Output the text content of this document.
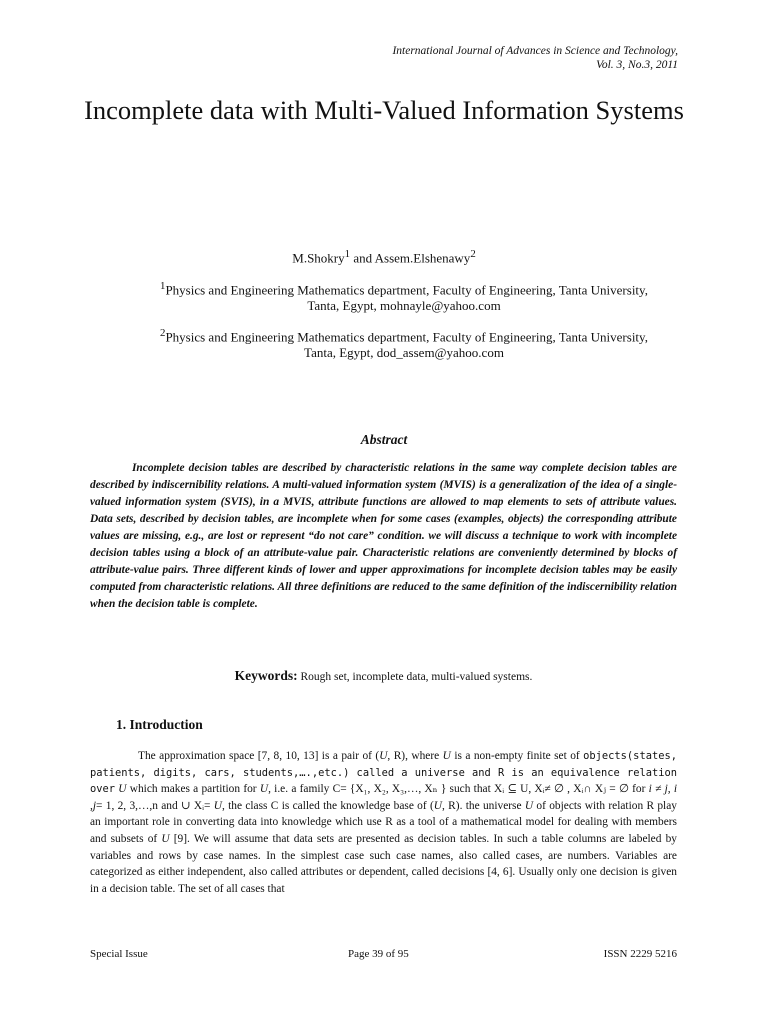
International Journal of Advances in Science and Technology,
Vol. 3, No.3, 2011
Incomplete data with Multi-Valued Information Systems
M.Shokry$^1$ and Assem.Elshenawy$^2$
$^1$Physics and Engineering Mathematics department, Faculty of Engineering, Tanta University,
Tanta, Egypt, mohnayle@yahoo.com
$^2$Physics and Engineering Mathematics department, Faculty of Engineering, Tanta University,
Tanta, Egypt, dod_assem@yahoo.com
Abstract
Incomplete decision tables are described by characteristic relations in the same way complete decision tables are described by indiscernibility relations. A multi-valued information system (MVIS) is a generalization of the idea of a single-valued information system (SVIS), in a MVIS, attribute functions are allowed to map elements to sets of attribute values. Data sets, described by decision tables, are incomplete when for some cases (examples, objects) the corresponding attribute values are missing, e.g., are lost or represent “do not care” condition. we will discuss a technique to work with incomplete decision tables using a block of an attribute-value pair. Characteristic relations are conveniently determined by blocks of attribute-value pairs. Three different kinds of lower and upper approximations for incomplete decision tables may be easily computed from characteristic relations. All three definitions are reduced to the same definition of the indiscernibility relation when the decision table is complete.
Keywords: Rough set, incomplete data, multi-valued systems.
1. Introduction
The approximation space [7, 8, 10, 13] is a pair of (U, R), where U is a non-empty finite set of objects(states, patients, digits, cars, students,….,etc.) called a universe and R is an equivalence relation over U which makes a partition for U, i.e. a family C= {X₁, X₂, X₃,…, Xₙ } such that Xᵢ ⊆ U, Xᵢ≠ ∅ , Xᵢ∩ Xⱼ = ∅ for i ≠ j, i ,j= 1, 2, 3,…,n and ∪ Xᵢ= U, the class C is called the knowledge base of (U, R). the universe U of objects with relation R play an important role in converting data into knowledge which use R as a tool of a mathematical model for dealing with members and subsets of U [9]. We will assume that data sets are presented as decision tables. In such a table columns are labeled by variables and rows by case names. In the simplest case such case names, also called cases, are numbers. Variables are categorized as either independent, also called attributes or dependent, called decisions [4, 6]. Usually only one decision is given in a decision table. The set of all cases that
Special Issue	Page 39 of 95	ISSN 2229 5216
